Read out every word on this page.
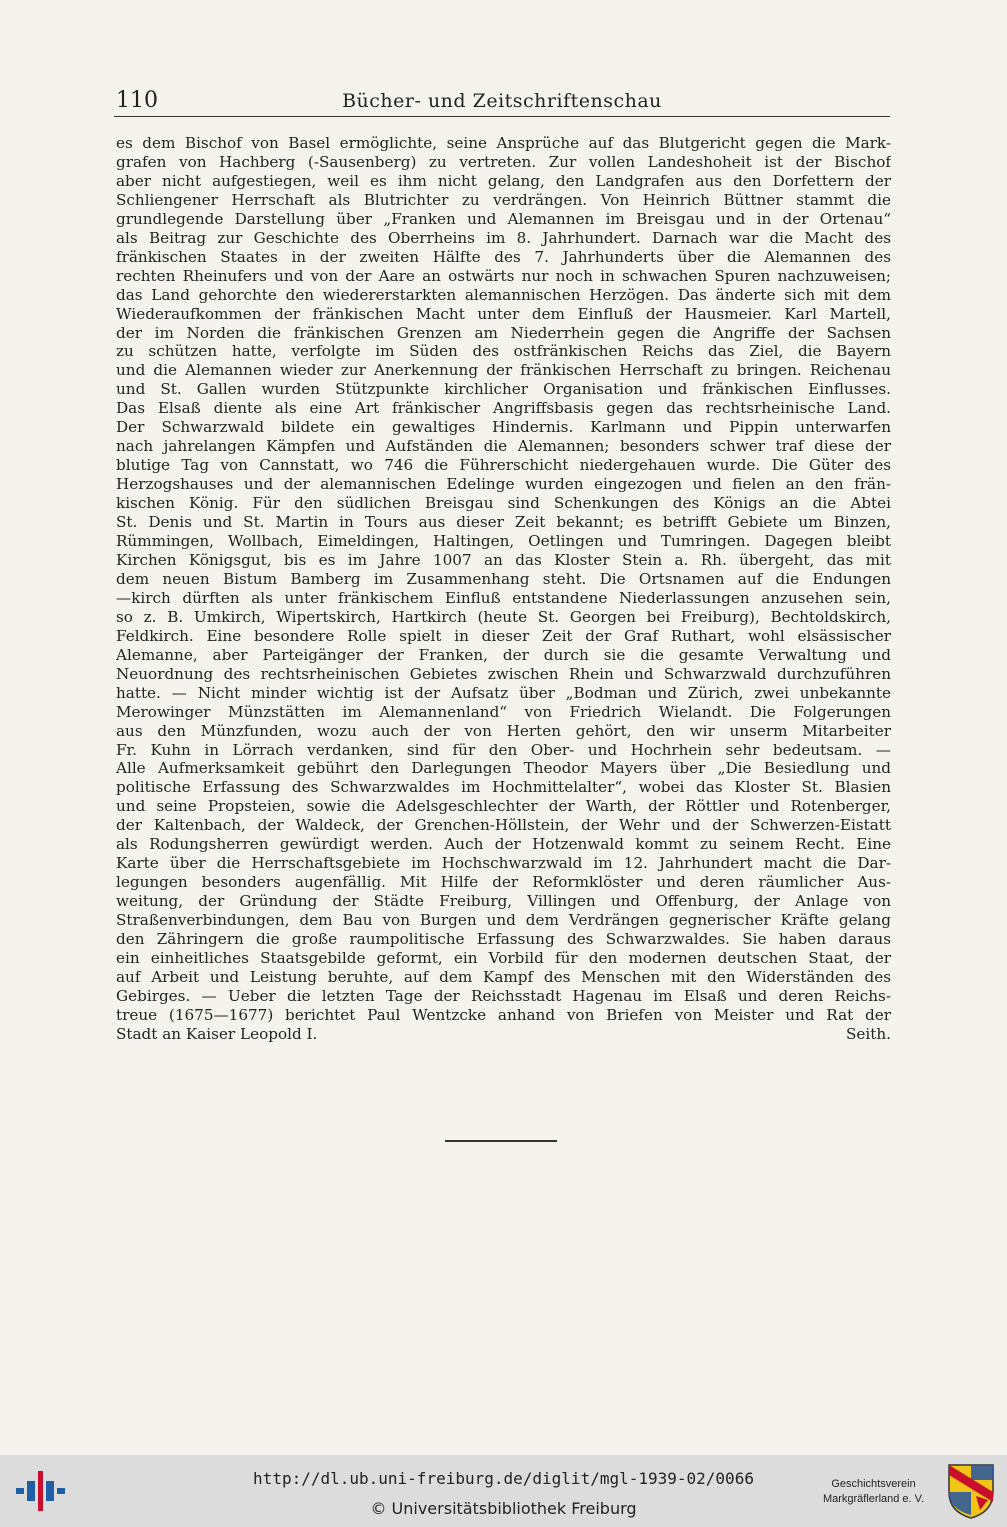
110	Bücher- und Zeitschriftenschau
es dem Bischof von Basel ermöglichte, seine Ansprüche auf das Blutgericht gegen die Mark-
grafen von Hachberg (-Sausenberg) zu vertreten. Zur vollen Landeshoheit ist der Bischof
aber nicht aufgestiegen, weil es ihm nicht gelang, den Landgrafen aus den Dorfettern der
Schliengener Herrschaft als Blutrichter zu verdrängen. Von Heinrich Büttner stammt die
grundlegende Darstellung über „Franken und Alemannen im Breisgau und in der Ortenau“
als Beitrag zur Geschichte des Oberrheins im 8. Jahrhundert. Darnach war die Macht des
fränkischen Staates in der zweiten Hälfte des 7. Jahrhunderts über die Alemannen des
rechten Rheinufers und von der Aare an ostwärts nur noch in schwachen Spuren nachzuweisen;
das Land gehorchte den wiedererstarkten alemannischen Herzögen. Das änderte sich mit dem
Wiederaufkommen der fränkischen Macht unter dem Einfluß der Hausmeier. Karl Martell,
der im Norden die fränkischen Grenzen am Niederrhein gegen die Angriffe der Sachsen
zu schützen hatte, verfolgte im Süden des ostfränkischen Reichs das Ziel, die Bayern
und die Alemannen wieder zur Anerkennung der fränkischen Herrschaft zu bringen. Reichenau
und St. Gallen wurden Stützpunkte kirchlicher Organisation und fränkischen Einflusses.
Das Elsaß diente als eine Art fränkischer Angriffsbasis gegen das rechtsrheinische Land.
Der Schwarzwald bildete ein gewaltiges Hindernis. Karlmann und Pippin unterwarfen
nach jahrelangen Kämpfen und Aufständen die Alemannen; besonders schwer traf diese der
blutige Tag von Cannstatt, wo 746 die Führerschicht niedergehauen wurde. Die Güter des
Herzogshauses und der alemannischen Edelinge wurden eingezogen und fielen an den frän-
kischen König. Für den südlichen Breisgau sind Schenkungen des Königs an die Abtei
St. Denis und St. Martin in Tours aus dieser Zeit bekannt; es betrifft Gebiete um Binzen,
Rümmingen, Wollbach, Eimeldingen, Haltingen, Oetlingen und Tumringen. Dagegen bleibt
Kirchen Königsgut, bis es im Jahre 1007 an das Kloster Stein a. Rh. übergeht, das mit
dem neuen Bistum Bamberg im Zusammenhang steht. Die Ortsnamen auf die Endungen
—kirch dürften als unter fränkischem Einfluß entstandene Niederlassungen anzusehen sein,
so z. B. Umkirch, Wipertskirch, Hartkirch (heute St. Georgen bei Freiburg), Bechtoldskirch,
Feldkirch. Eine besondere Rolle spielt in dieser Zeit der Graf Ruthart, wohl elsässischer
Alemanne, aber Parteigänger der Franken, der durch sie die gesamte Verwaltung und
Neuordnung des rechtsrheinischen Gebietes zwischen Rhein und Schwarzwald durchzuführen
hatte. — Nicht minder wichtig ist der Aufsatz über „Bodman und Zürich, zwei unbekannte
Merowinger Münzstätten im Alemannenland“ von Friedrich Wielandt. Die Folgerungen
aus den Münzfunden, wozu auch der von Herten gehört, den wir unserm Mitarbeiter
Fr. Kuhn in Lörrach verdanken, sind für den Ober- und Hochrhein sehr bedeutsam. —
Alle Aufmerksamkeit gebührt den Darlegungen Theodor Mayers über „Die Besiedlung und
politische Erfassung des Schwarzwaldes im Hochmittelalter“, wobei das Kloster St. Blasien
und seine Propsteien, sowie die Adelsgeschlechter der Warth, der Röttler und Rotenberger,
der Kaltenbach, der Waldeck, der Grenchen-Höllstein, der Wehr und der Schwerzen-Eistatt
als Rodungsherren gewürdigt werden. Auch der Hotzenwald kommt zu seinem Recht. Eine
Karte über die Herrschaftsgebiete im Hochschwarzwald im 12. Jahrhundert macht die Dar-
legungen besonders augenfällig. Mit Hilfe der Reformklöster und deren räumlicher Aus-
weitung, der Gründung der Städte Freiburg, Villingen und Offenburg, der Anlage von
Straßenverbindungen, dem Bau von Burgen und dem Verdrängen gegnerischer Kräfte gelang
den Zähringern die große raumpolitische Erfassung des Schwarzwaldes. Sie haben daraus
ein einheitliches Staatsgebilde geformt, ein Vorbild für den modernen deutschen Staat, der
auf Arbeit und Leistung beruhte, auf dem Kampf des Menschen mit den Widerständen des
Gebirges. — Ueber die letzten Tage der Reichsstadt Hagenau im Elsaß und deren Reichs-
treue (1675—1677) berichtet Paul Wentzcke anhand von Briefen von Meister und Rat der
Stadt an Kaiser Leopold I.	Seith.
http://dl.ub.uni-freiburg.de/diglit/mgl-1939-02/0066
© Universitätsbibliothek Freiburg
Geschichtsverein
Markgräflerland e. V.
